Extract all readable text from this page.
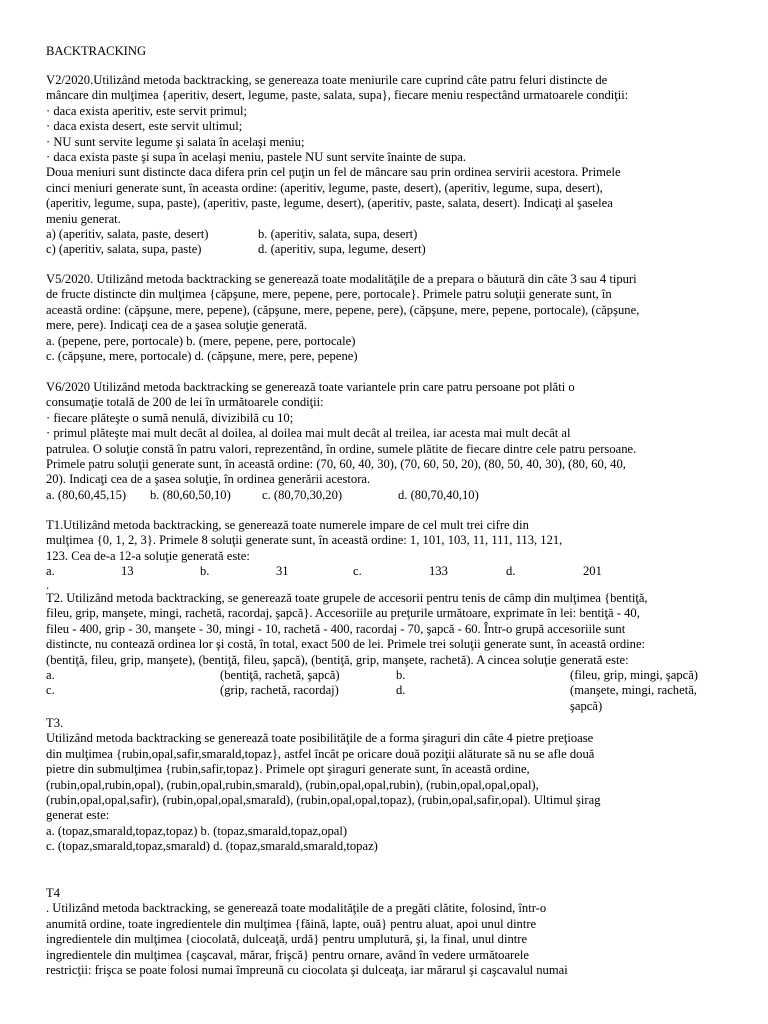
BACKTRACKING
V2/2020.Utilizând metoda backtracking, se genereaza toate meniurile care cuprind câte patru feluri distincte de
mâncare din mulţimea {aperitiv, desert, legume, paste, salata, supa}, fiecare meniu respectând urmatoarele condiţii:
· daca exista aperitiv, este servit primul;
· daca exista desert, este servit ultimul;
· NU sunt servite legume şi salata în acelaşi meniu;
· daca exista paste şi supa în acelaşi meniu, pastele NU sunt servite înainte de supa.
Doua meniuri sunt distincte daca difera prin cel puţin un fel de mâncare sau prin ordinea servirii acestora. Primele
cinci meniuri generate sunt, în aceasta ordine: (aperitiv, legume, paste, desert), (aperitiv, legume, supa, desert),
(aperitiv, legume, supa, paste), (aperitiv, paste, legume, desert), (aperitiv, paste, salata, desert). Indicaţi al şaselea
meniu generat.
a) (aperitiv, salata, paste, desert)	b. (aperitiv, salata, supa, desert)
c) (aperitiv, salata, supa, paste)	d. (aperitiv, supa, legume, desert)
V5/2020. Utilizând metoda backtracking se generează toate modalităţile de a prepara o băutură din câte 3 sau 4 tipuri
de fructe distincte din mulţimea {căpşune, mere, pepene, pere, portocale}. Primele patru soluţii generate sunt, în
această ordine: (căpşune, mere, pepene), (căpşune, mere, pepene, pere), (căpşune, mere, pepene, portocale), (căpşune,
mere, pere). Indicaţi cea de a şasea soluţie generată.
a. (pepene, pere, portocale) b. (mere, pepene, pere, portocale)
c. (căpşune, mere, portocale) d. (căpşune, mere, pere, pepene)
V6/2020 Utilizând metoda backtracking se generează toate variantele prin care patru persoane pot plăti o
consumaţie totală de 200 de lei în următoarele condiţii:
· fiecare plăteşte o sumă nenulă, divizibilă cu 10;
· primul plăteşte mai mult decât al doilea, al doilea mai mult decât al treilea, iar acesta mai mult decât al
patrulea. O soluţie constă în patru valori, reprezentând, în ordine, sumele plătite de fiecare dintre cele patru persoane.
Primele patru soluţii generate sunt, în această ordine: (70, 60, 40, 30), (70, 60, 50, 20), (80, 50, 40, 30), (80, 60, 40,
20). Indicaţi cea de a şasea soluţie, în ordinea generării acestora.
a. (80,60,45,15) b. (80,60,50,10) c. (80,70,30,20)	d. (80,70,40,10)
T1.Utilizând metoda backtracking, se generează toate numerele impare de cel mult trei cifre din
mulţimea {0, 1, 2, 3}. Primele 8 soluţii generate sunt, în această ordine: 1, 101, 103, 11, 111, 113, 121,
123. Cea de-a 12-a soluţie generată este:
a.	13	b.	31	c.	133	d.	201
.
T2. Utilizând metoda backtracking, se generează toate grupele de accesorii pentru tenis de câmp din mulţimea {bentiţă,
fileu, grip, manşete, mingi, rachetă, racordaj, şapcă}. Accesoriile au preţurile următoare, exprimate în lei: bentiţă - 40,
fileu - 400, grip - 30, manşete - 30, mingi - 10, rachetă - 400, racordaj - 70, şapcă - 60. Într-o grupă accesoriile sunt
distincte, nu contează ordinea lor şi costă, în total, exact 500 de lei. Primele trei soluţii generate sunt, în această ordine:
(bentiţă, fileu, grip, manşete), (bentiţă, fileu, şapcă), (bentiţă, grip, manşete, rachetă). A cincea soluţie generată este:
a.	(bentiţă, rachetă, şapcă)	b.	(fileu, grip, mingi, şapcă)
c.	(grip, rachetă, racordaj)	d.	(manşete, mingi, rachetă,
şapcă)
T3.
Utilizând metoda backtracking se generează toate posibilităţile de a forma şiraguri din câte 4 pietre preţioase
din mulţimea {rubin,opal,safir,smarald,topaz}, astfel încât pe oricare două poziţii alăturate să nu se afle două
pietre din submulţimea {rubin,safir,topaz}. Primele opt şiraguri generate sunt, în această ordine,
(rubin,opal,rubin,opal), (rubin,opal,rubin,smarald), (rubin,opal,opal,rubin), (rubin,opal,opal,opal),
(rubin,opal,opal,safir), (rubin,opal,opal,smarald), (rubin,opal,opal,topaz), (rubin,opal,safir,opal). Ultimul şirag
generat este:
a. (topaz,smarald,topaz,topaz) b. (topaz,smarald,topaz,opal)
c. (topaz,smarald,topaz,smarald) d. (topaz,smarald,smarald,topaz)
T4
. Utilizând metoda backtracking, se generează toate modalităţile de a pregăti clătite, folosind, într-o
anumită ordine, toate ingredientele din mulţimea {făină, lapte, ouă} pentru aluat, apoi unul dintre
ingredientele din mulţimea {ciocolată, dulceaţă, urdă} pentru umplutură, şi, la final, unul dintre
ingredientele din mulţimea {caşcaval, mărar, frişcă} pentru ornare, având în vedere următoarele
restricţii: frişca se poate folosi numai împreună cu ciocolata şi dulceaţa, iar mărarul şi caşcavalul numai
